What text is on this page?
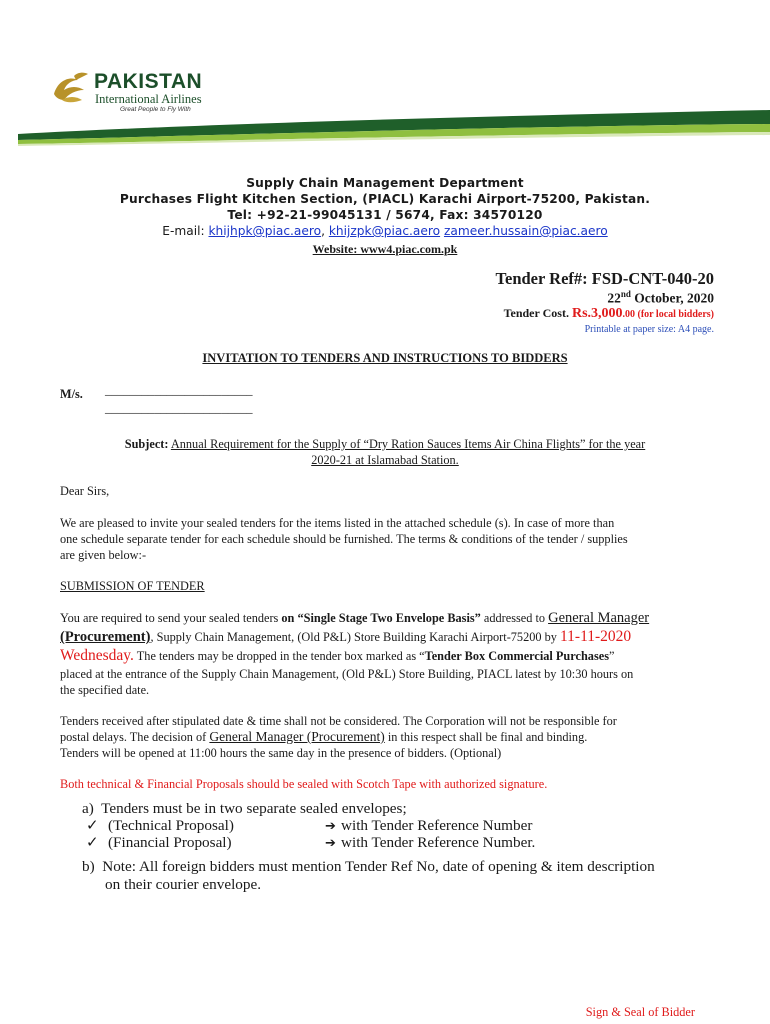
PAKISTAN
International Airlines
Great People to Fly With
Supply Chain Management Department
Purchases Flight Kitchen Section, (PIACL) Karachi Airport-75200, Pakistan.
Tel: +92-21-99045131 / 5674, Fax: 34570120
E-mail: khijhpk@piac.aero, khijzpk@piac.aero zameer.hussain@piac.aero
Website: www4.piac.com.pk
Tender Ref#: FSD-CNT-040-20
22nd October, 2020
Tender Cost. Rs.3,000.00 (for local bidders)
Printable at paper size: A4 page.
INVITATION TO TENDERS AND INSTRUCTIONS TO BIDDERS
M/s. ________________________
________________________
Subject: Annual Requirement for the Supply of “Dry Ration Sauces Items Air China Flights” for the year
2020-21 at Islamabad Station.
Dear Sirs,
We are pleased to invite your sealed tenders for the items listed in the attached schedule (s). In case of more than
one schedule separate tender for each schedule should be furnished. The terms & conditions of the tender / supplies
are given below:-
SUBMISSION OF TENDER
You are required to send your sealed tenders on “Single Stage Two Envelope Basis” addressed to General Manager
(Procurement), Supply Chain Management, (Old P&L) Store Building Karachi Airport-75200 by 11-11-2020
Wednesday. The tenders may be dropped in the tender box marked as “Tender Box Commercial Purchases”
placed at the entrance of the Supply Chain Management, (Old P&L) Store Building, PIACL latest by 10:30 hours on
the specified date.
Tenders received after stipulated date & time shall not be considered. The Corporation will not be responsible for
postal delays. The decision of General Manager (Procurement) in this respect shall be final and binding.
Tenders will be opened at 11:00 hours the same day in the presence of bidders. (Optional)
Both technical & Financial Proposals should be sealed with Scotch Tape with authorized signature.
a) Tenders must be in two separate sealed envelopes;
✓ (Technical Proposal)	➔ with Tender Reference Number
✓ (Financial Proposal)	➔ with Tender Reference Number.
b) Note: All foreign bidders must mention Tender Ref No, date of opening & item description
on their courier envelope.
Sign & Seal of Bidder
